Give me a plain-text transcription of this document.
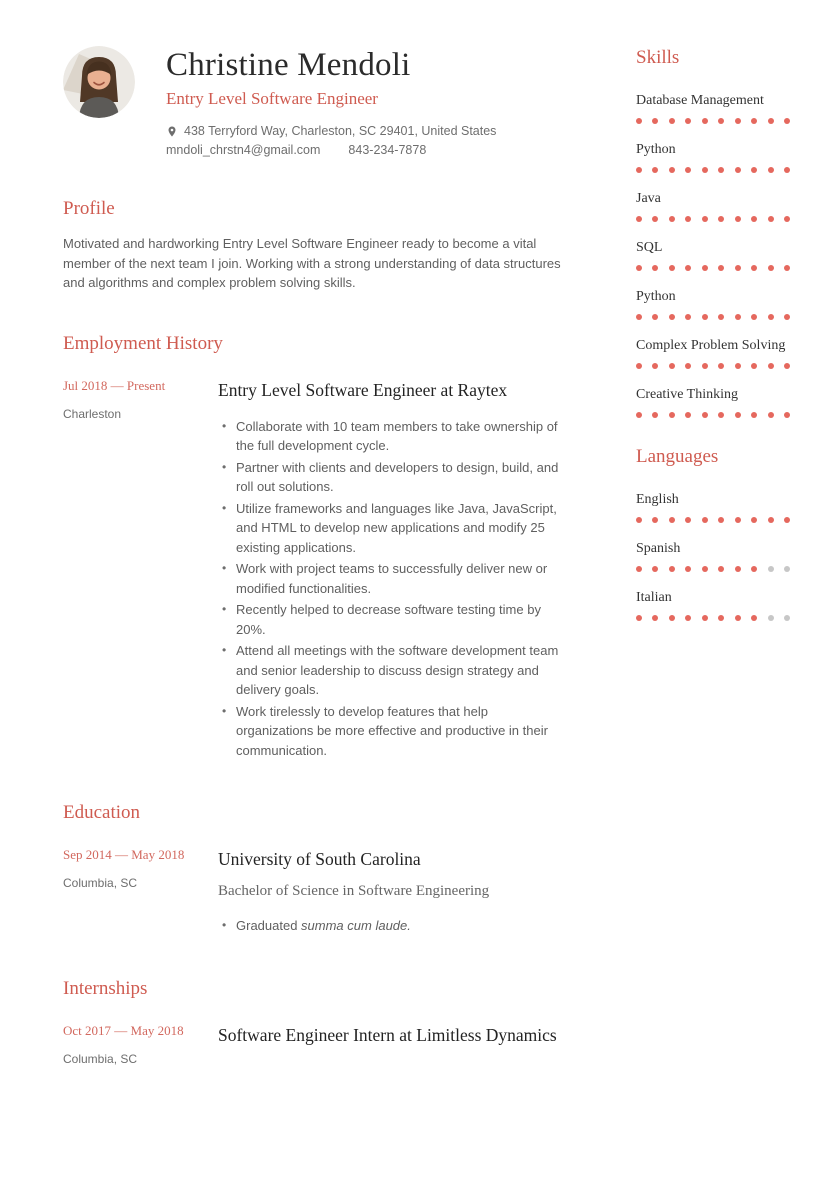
Christine Mendoli
Entry Level Software Engineer
438 Terryford Way, Charleston, SC 29401, United States
mndoli_chrstn4@gmail.com 843-234-7878
Profile

Motivated and hardworking Entry Level Software Engineer ready to become a vital member of the next team I join. Working with a strong understanding of data structures and algorithms and complex problem solving skills.

Employment History
Jul 2018 — Present
Charleston
Entry Level Software Engineer at Raytex
• Collaborate with 10 team members to take ownership of the full development cycle.
• Partner with clients and developers to design, build, and roll out solutions.
• Utilize frameworks and languages like Java, JavaScript, and HTML to develop new applications and modify 25 existing applications.
• Work with project teams to successfully deliver new or modified functionalities.
• Recently helped to decrease software testing time by 20%.
• Attend all meetings with the software development team and senior leadership to discuss design strategy and delivery goals.
• Work tirelessly to develop features that help organizations be more effective and productive in their communication.
Education
Sep 2014 — May 2018
Columbia, SC
University of South Carolina
Bachelor of Science in Software Engineering
• Graduated summa cum laude.
Internships
Oct 2017 — May 2018
Columbia, SC
Software Engineer Intern at Limitless Dynamics
Skills
Database Management
Python
Java
SQL
Python
Complex Problem Solving
Creative Thinking
Languages
English
Spanish
Italian
